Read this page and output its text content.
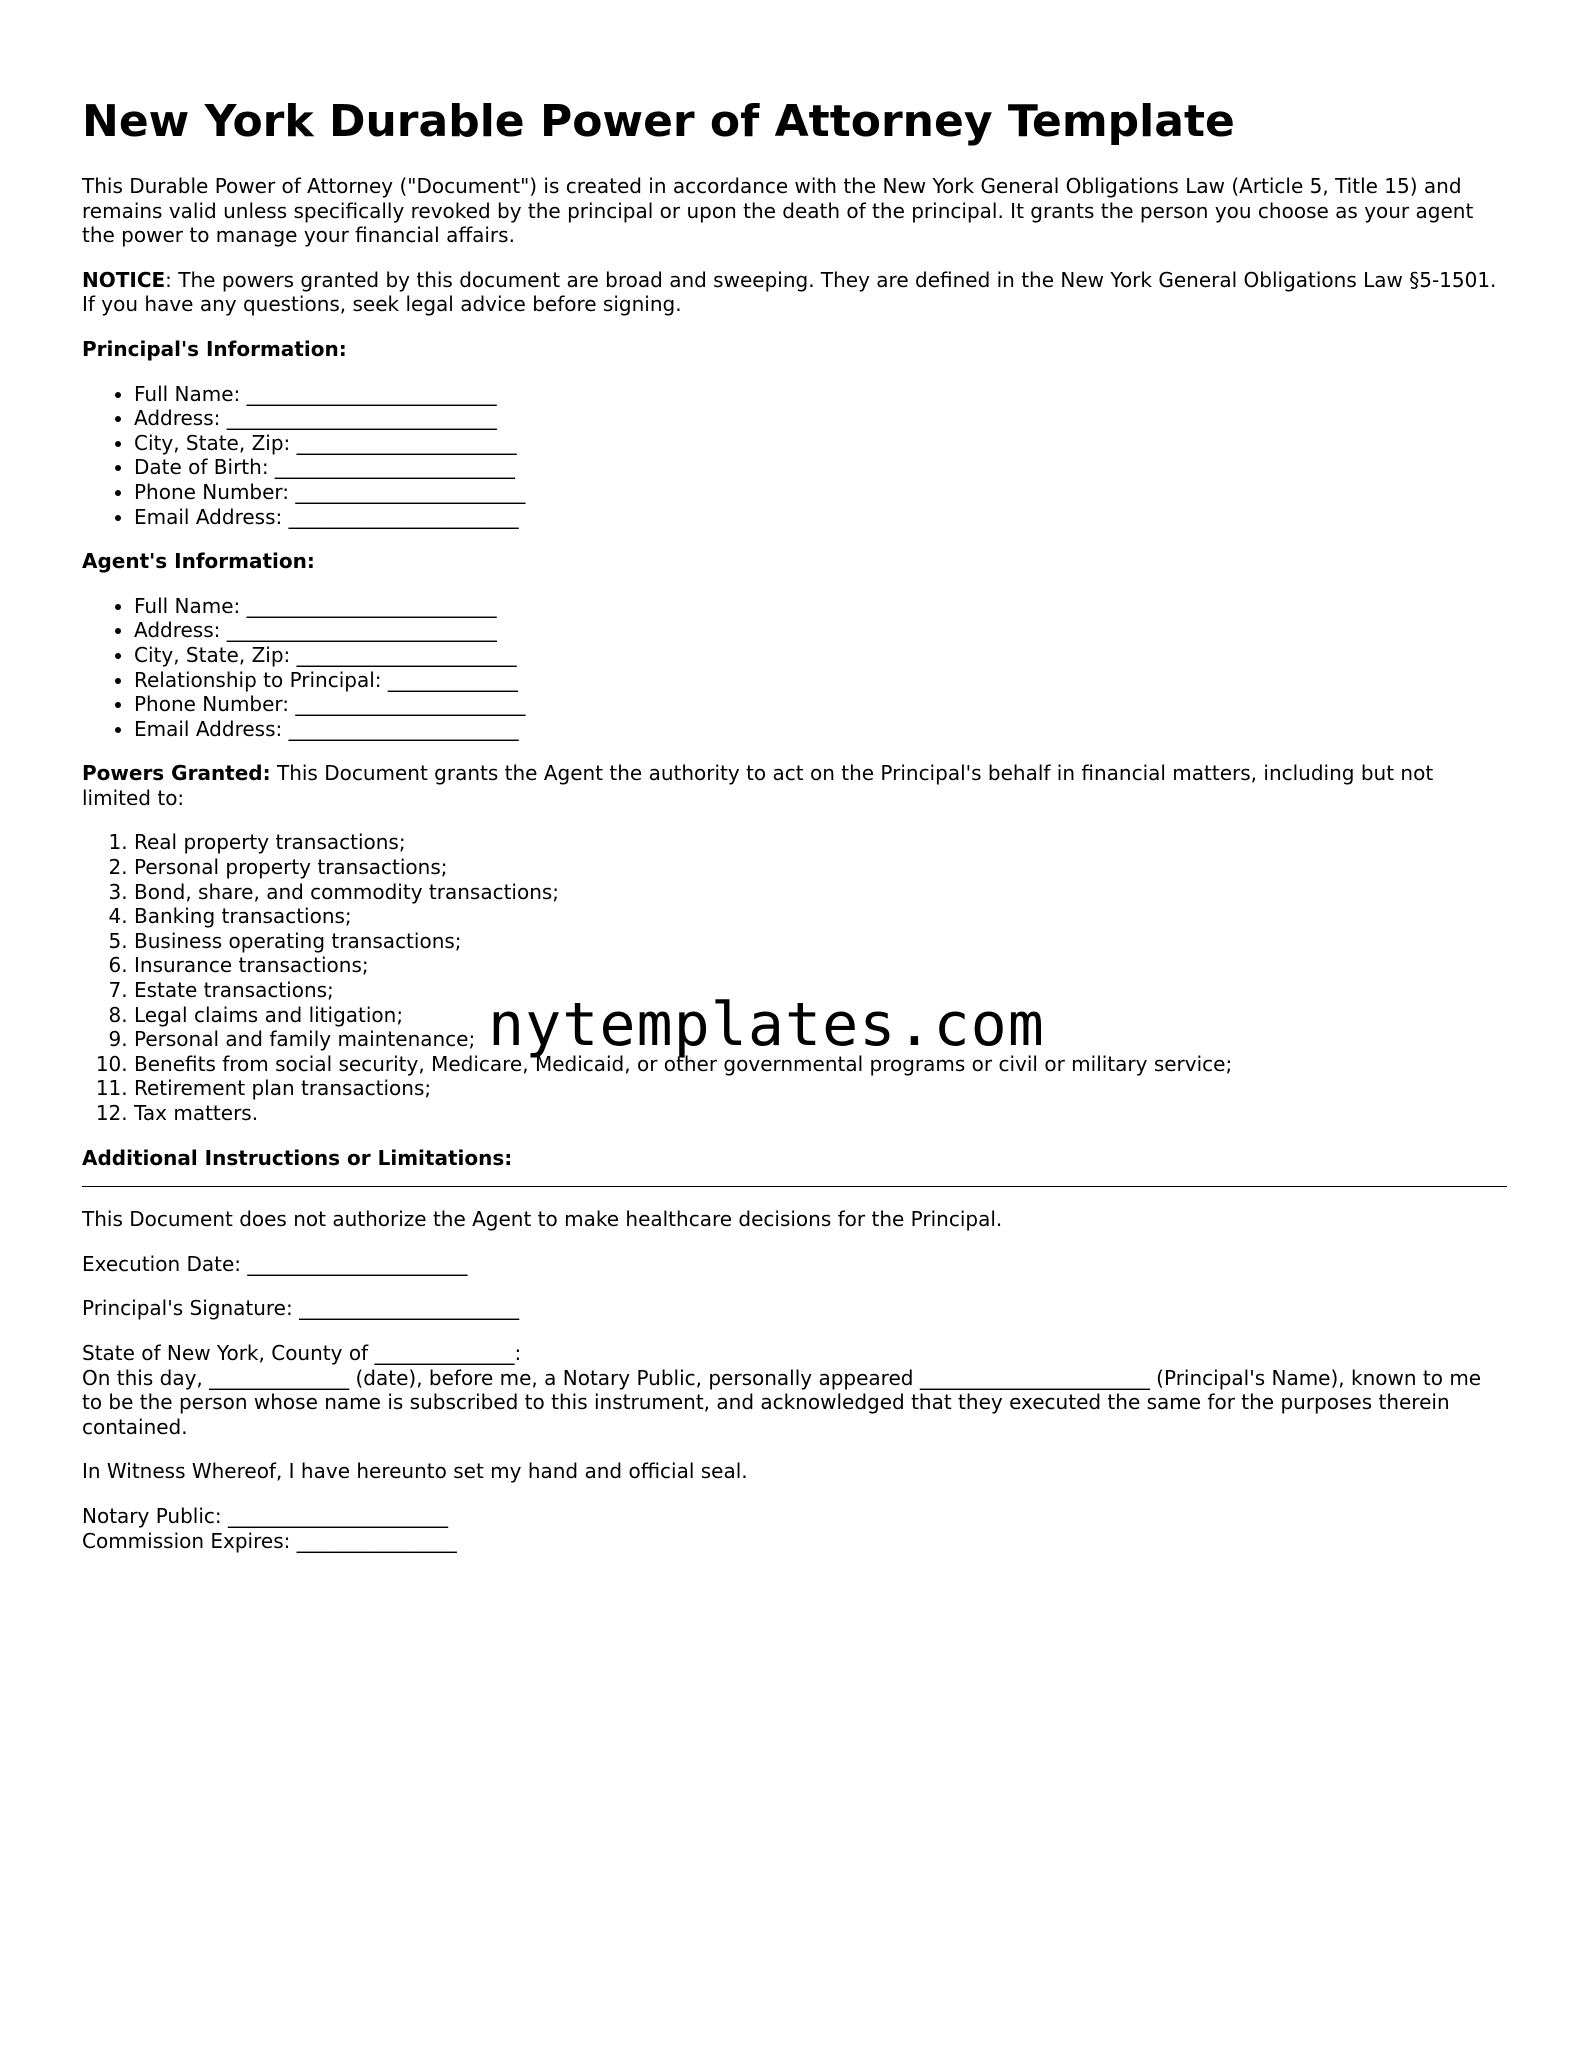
New York Durable Power of Attorney Template

This Durable Power of Attorney ("Document") is created in accordance with the New York General Obligations Law (Article 5, Title 15) and remains valid unless specifically revoked by the principal or upon the death of the principal. It grants the person you choose as your agent the power to manage your financial affairs.

NOTICE: The powers granted by this document are broad and sweeping. They are defined in the New York General Obligations Law §5-1501. If you have any questions, seek legal advice before signing.

Principal's Information:

• Full Name: _________________________
• Address: ___________________________
• City, State, Zip: ______________________
• Date of Birth: ________________________
• Phone Number: _______________________
• Email Address: _______________________

Agent's Information:

• Full Name: _________________________
• Address: ___________________________
• City, State, Zip: ______________________
• Relationship to Principal: _____________
• Phone Number: _______________________
• Email Address: _______________________

Powers Granted: This Document grants the Agent the authority to act on the Principal's behalf in financial matters, including but not limited to:

1. Real property transactions;
2. Personal property transactions;
3. Bond, share, and commodity transactions;
4. Banking transactions;
5. Business operating transactions;
6. Insurance transactions;
7. Estate transactions;
8. Legal claims and litigation;
9. Personal and family maintenance;
10. Benefits from social security, Medicare, Medicaid, or other governmental programs or civil or military service;
11. Retirement plan transactions;
12. Tax matters.

Additional Instructions or Limitations:

This Document does not authorize the Agent to make healthcare decisions for the Principal.

Execution Date: ______________________

Principal's Signature: ______________________

State of New York, County of ______________:

On this day, ______________ (date), before me, a Notary Public, personally appeared _______________________ (Principal's Name), known to me to be the person whose name is subscribed to this instrument, and acknowledged that they executed the same for the purposes therein contained.

In Witness Whereof, I have hereunto set my hand and official seal.

Notary Public: ______________________
Commission Expires: ________________
nytemplates.com
